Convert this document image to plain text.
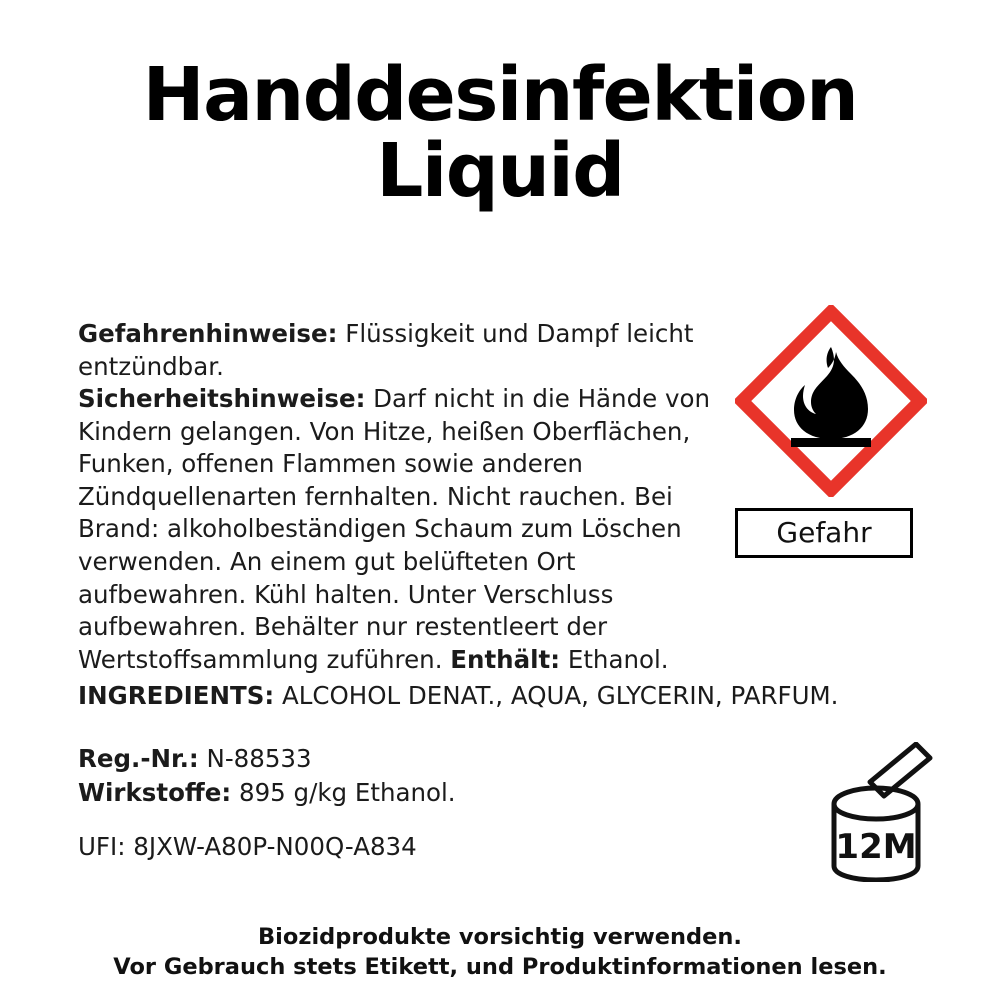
Handdesinfektion
Liquid

Gefahrenhinweise: Flüssigkeit und Dampf leicht entzündbar.

Sicherheitshinweise: Darf nicht in die Hände von Kindern gelangen. Von Hitze, heißen Oberflächen, Funken, offenen Flammen sowie anderen Zündquellenarten fernhalten. Nicht rauchen. Bei Brand: alkoholbeständigen Schaum zum Löschen verwenden. An einem gut belüfteten Ort aufbewahren. Kühl halten. Unter Verschluss aufbewahren. Behälter nur restentleert der Wertstoffsammlung zuführen. Enthält: Ethanol.

INGREDIENTS: ALCOHOL DENAT., AQUA, GLYCERIN, PARFUM.
Reg.-Nr.: N-88533
Wirkstoffe: 895 g/kg Ethanol.
UFI: 8JXW-A80P-N00Q-A834
Gefahr
12M
Biozidprodukte vorsichtig verwenden.
Vor Gebrauch stets Etikett, und Produktinformationen lesen.
